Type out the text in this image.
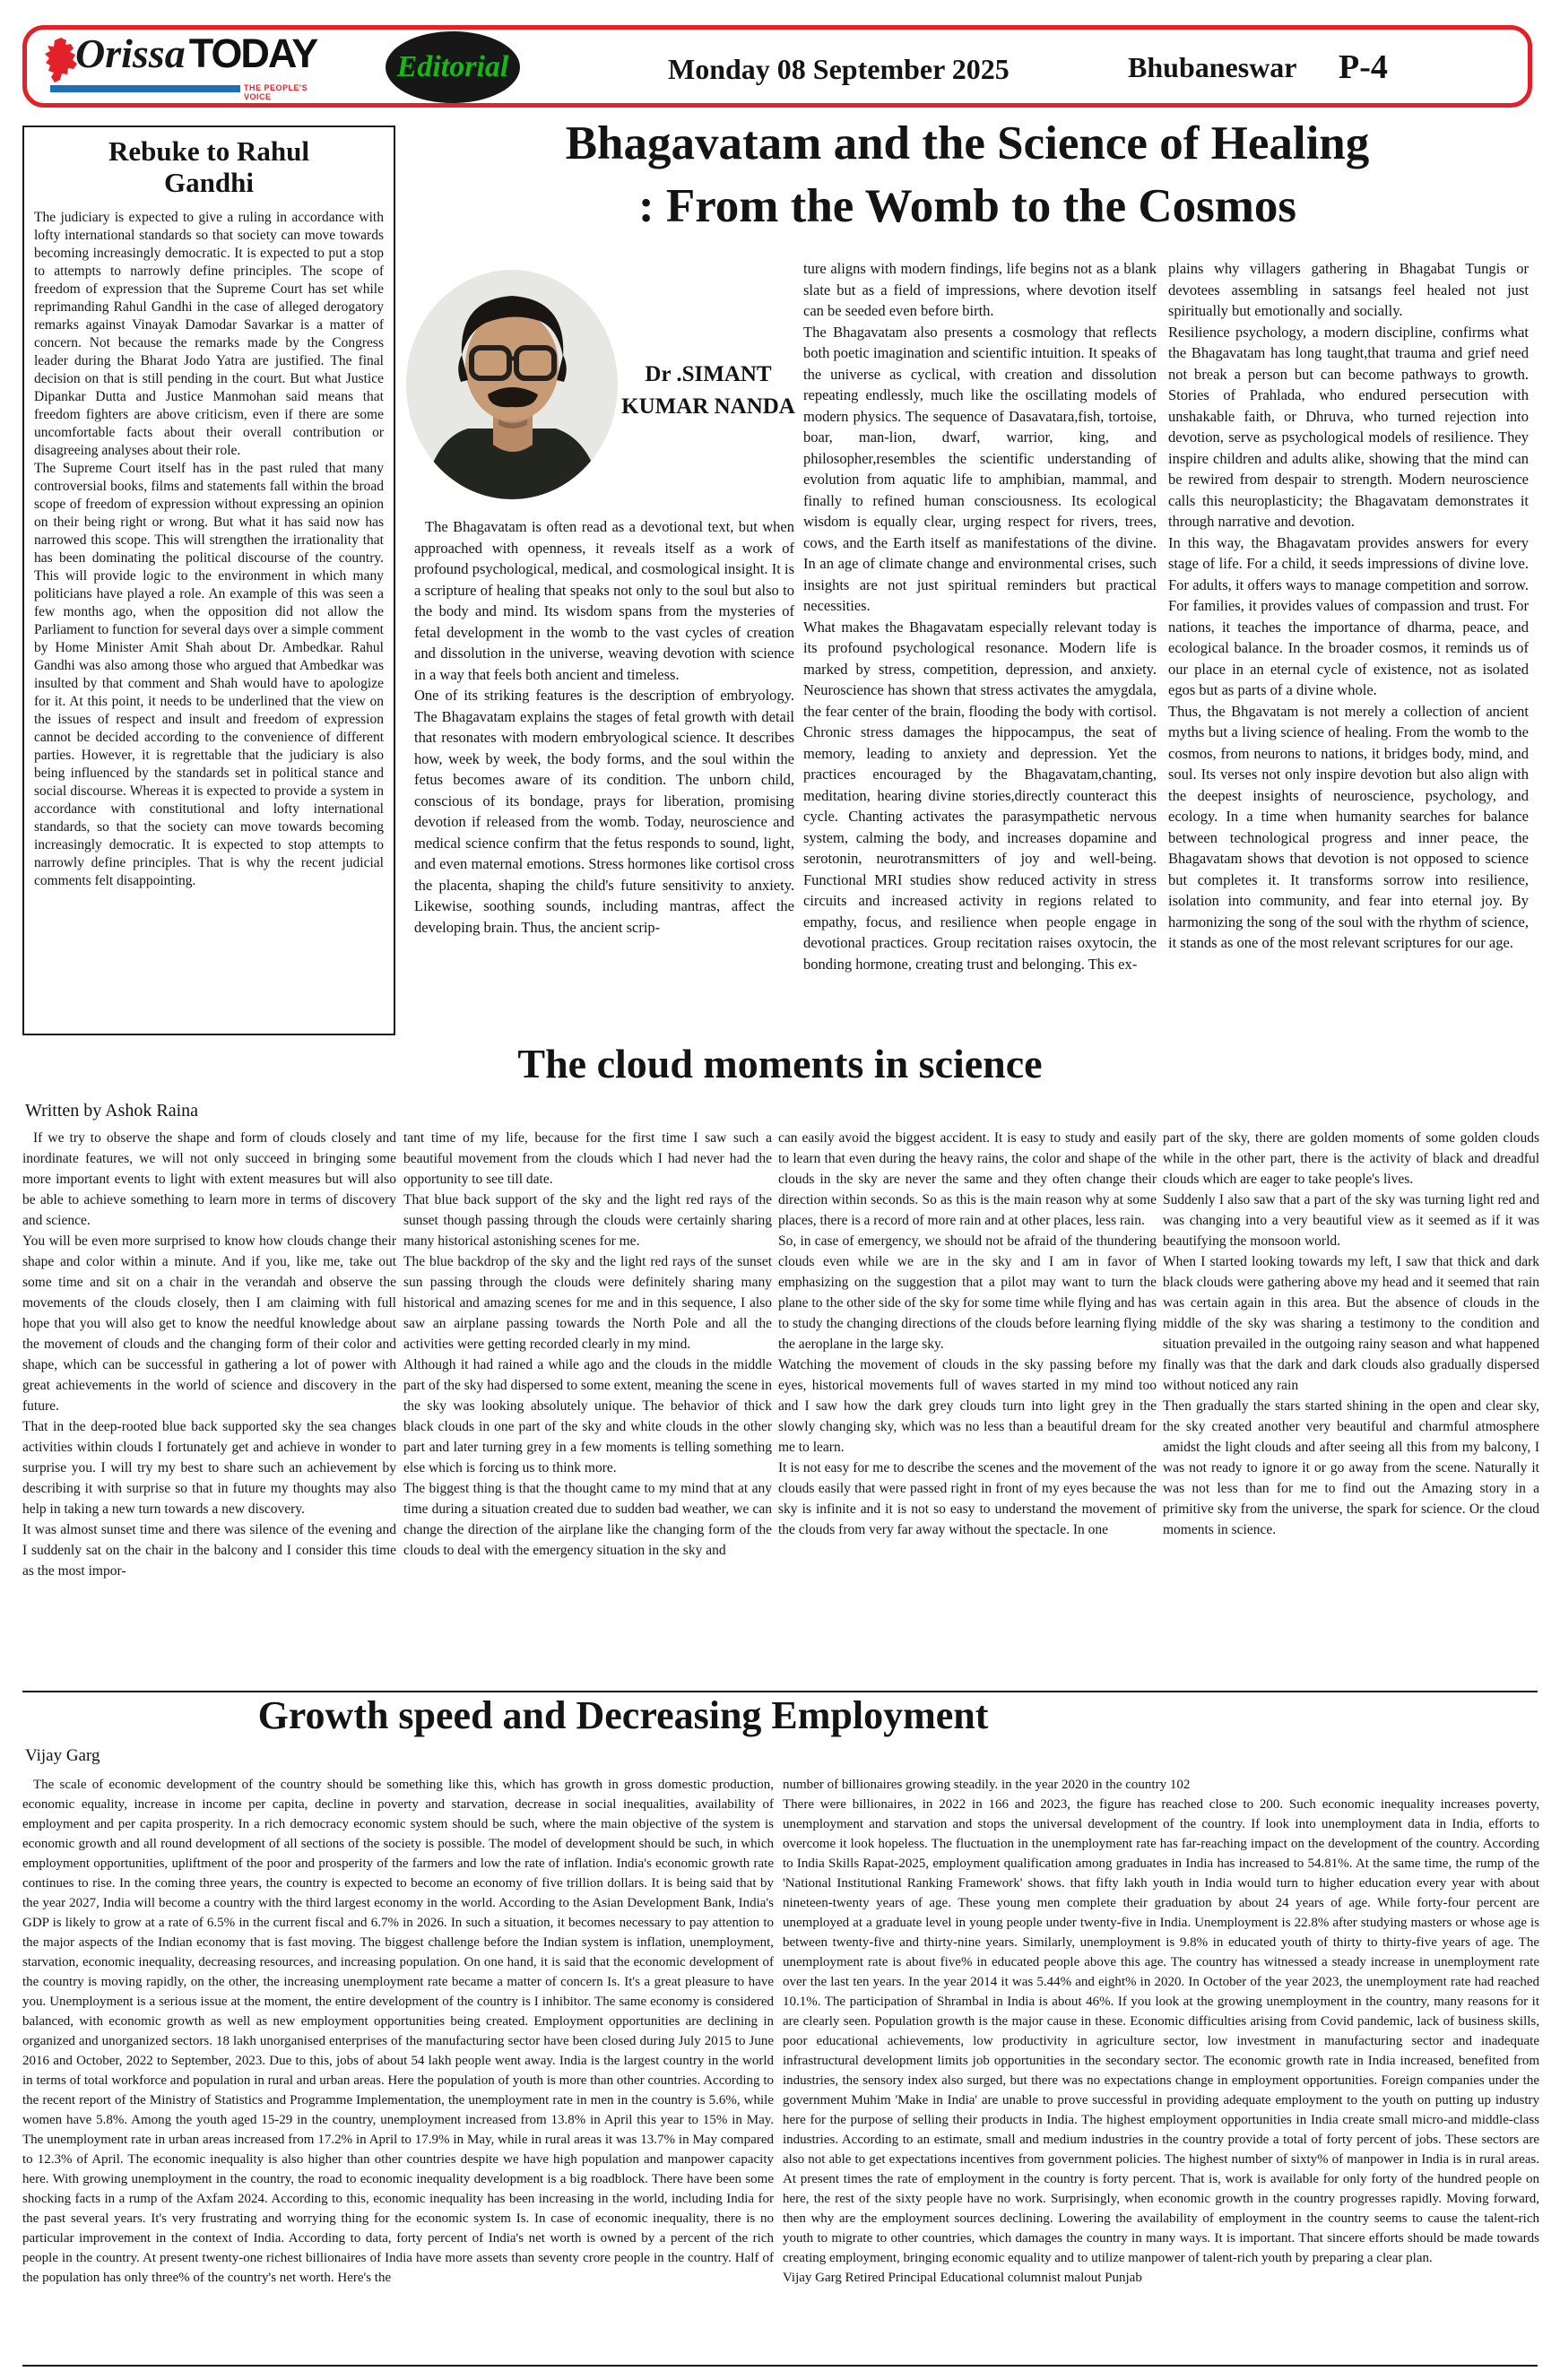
Orissa TODAY
THE PEOPLE'S VOICE
Editorial	Monday 08 September 2025	Bhubaneswar P-4
Rebuke to Rahul Gandhi

The judiciary is expected to give a ruling in accordance with lofty international standards so that society can move towards becoming increasingly democratic. It is expected to put a stop to attempts to narrowly define principles. The scope of freedom of expression that the Supreme Court has set while reprimanding Rahul Gandhi in the case of alleged derogatory remarks against Vinayak Damodar Savarkar is a matter of concern. Not because the remarks made by the Congress leader during the Bharat Jodo Yatra are justified. The final decision on that is still pending in the court. But what Justice Dipankar Dutta and Justice Manmohan said means that freedom fighters are above criticism, even if there are some uncomfortable facts about their overall contribution or disagreeing analyses about their role.

The Supreme Court itself has in the past ruled that many controversial books, films and statements fall within the broad scope of freedom of expression without expressing an opinion on their being right or wrong. But what it has said now has narrowed this scope. This will strengthen the irrationality that has been dominating the political discourse of the country. This will provide logic to the environment in which many politicians have played a role. An example of this was seen a few months ago, when the opposition did not allow the Parliament to function for several days over a simple comment by Home Minister Amit Shah about Dr. Ambedkar. Rahul Gandhi was also among those who argued that Ambedkar was insulted by that comment and Shah would have to apologize for it. At this point, it needs to be underlined that the view on the issues of respect and insult and freedom of expression cannot be decided according to the convenience of different parties. However, it is regrettable that the judiciary is also being influenced by the standards set in political stance and social discourse. Whereas it is expected to provide a system in accordance with constitutional and lofty international standards, so that the society can move towards becoming increasingly democratic. It is expected to stop attempts to narrowly define principles. That is why the recent judicial comments felt disappointing.

Bhagavatam and the Science of Healing
: From the Womb to the Cosmos
Dr .SIMANT
KUMAR NANDA

The Bhagavatam is often read as a devotional text, but when approached with openness, it reveals itself as a work of profound psychological, medical, and cosmological insight. It is a scripture of healing that speaks not only to the soul but also to the body and mind. Its wisdom spans from the mysteries of fetal development in the womb to the vast cycles of creation and dissolution in the universe, weaving devotion with science in a way that feels both ancient and timeless.

One of its striking features is the description of embryology. The Bhagavatam explains the stages of fetal growth with detail that resonates with modern embryological science. It describes how, week by week, the body forms, and the soul within the fetus becomes aware of its condition. The unborn child, conscious of its bondage, prays for liberation, promising devotion if released from the womb. Today, neuroscience and medical science confirm that the fetus responds to sound, light, and even maternal emotions. Stress hormones like cortisol cross the placenta, shaping the child's future sensitivity to anxiety. Likewise, soothing sounds, including mantras, affect the developing brain. Thus, the ancient scrip-

ture aligns with modern findings, life begins not as a blank slate but as a field of impressions, where devotion itself can be seeded even before birth.

The Bhagavatam also presents a cosmology that reflects both poetic imagination and scientific intuition. It speaks of the universe as cyclical, with creation and dissolution repeating endlessly, much like the oscillating models of modern physics. The sequence of Dasavatara,fish, tortoise, boar, man-lion, dwarf, warrior, king, and philosopher,resembles the scientific understanding of evolution from aquatic life to amphibian, mammal, and finally to refined human consciousness. Its ecological wisdom is equally clear, urging respect for rivers, trees, cows, and the Earth itself as manifestations of the divine. In an age of climate change and environmental crises, such insights are not just spiritual reminders but practical necessities.

What makes the Bhagavatam especially relevant today is its profound psychological resonance. Modern life is marked by stress, competition, depression, and anxiety. Neuroscience has shown that stress activates the amygdala, the fear center of the brain, flooding the body with cortisol. Chronic stress damages the hippocampus, the seat of memory, leading to anxiety and depression. Yet the practices encouraged by the Bhagavatam,chanting, meditation, hearing divine stories,directly counteract this cycle. Chanting activates the parasympathetic nervous system, calming the body, and increases dopamine and serotonin, neurotransmitters of joy and well-being. Functional MRI studies show reduced activity in stress circuits and increased activity in regions related to empathy, focus, and resilience when people engage in devotional practices. Group recitation raises oxytocin, the bonding hormone, creating trust and belonging. This ex-

plains why villagers gathering in Bhagabat Tungis or devotees assembling in satsangs feel healed not just spiritually but emotionally and socially.

Resilience psychology, a modern discipline, confirms what the Bhagavatam has long taught,that trauma and grief need not break a person but can become pathways to growth. Stories of Prahlada, who endured persecution with unshakable faith, or Dhruva, who turned rejection into devotion, serve as psychological models of resilience. They inspire children and adults alike, showing that the mind can be rewired from despair to strength. Modern neuroscience calls this neuroplasticity; the Bhagavatam demonstrates it through narrative and devotion.

In this way, the Bhagavatam provides answers for every stage of life. For a child, it seeds impressions of divine love. For adults, it offers ways to manage competition and sorrow. For families, it provides values of compassion and trust. For nations, it teaches the importance of dharma, peace, and ecological balance. In the broader cosmos, it reminds us of our place in an eternal cycle of existence, not as isolated egos but as parts of a divine whole.

Thus, the Bhgavatam is not merely a collection of ancient myths but a living science of healing. From the womb to the cosmos, from neurons to nations, it bridges body, mind, and soul. Its verses not only inspire devotion but also align with the deepest insights of neuroscience, psychology, and ecology. In a time when humanity searches for balance between technological progress and inner peace, the Bhagavatam shows that devotion is not opposed to science but completes it. It transforms sorrow into resilience, isolation into community, and fear into eternal joy. By harmonizing the song of the soul with the rhythm of science, it stands as one of the most relevant scriptures for our age.

The cloud moments in science
Written by Ashok Raina

If we try to observe the shape and form of clouds closely and inordinate features, we will not only succeed in bringing some more important events to light with extent measures but will also be able to achieve something to learn more in terms of discovery and science.

You will be even more surprised to know how clouds change their shape and color within a minute. And if you, like me, take out some time and sit on a chair in the verandah and observe the movements of the clouds closely, then I am claiming with full hope that you will also get to know the needful knowledge about the movement of clouds and the changing form of their color and shape, which can be successful in gathering a lot of power with great achievements in the world of science and discovery in the future.

That in the deep-rooted blue back supported sky the sea changes activities within clouds I fortunately get and achieve in wonder to surprise you. I will try my best to share such an achievement by describing it with surprise so that in future my thoughts may also help in taking a new turn towards a new discovery.

It was almost sunset time and there was silence of the evening and I suddenly sat on the chair in the balcony and I consider this time as the most impor-

tant time of my life, because for the first time I saw such a beautiful movement from the clouds which I had never had the opportunity to see till date.

That blue back support of the sky and the light red rays of the sunset though passing through the clouds were certainly sharing many historical astonishing scenes for me.

The blue backdrop of the sky and the light red rays of the sunset sun passing through the clouds were definitely sharing many historical and amazing scenes for me and in this sequence, I also saw an airplane passing towards the North Pole and all the activities were getting recorded clearly in my mind.

Although it had rained a while ago and the clouds in the middle part of the sky had dispersed to some extent, meaning the scene in the sky was looking absolutely unique. The behavior of thick black clouds in one part of the sky and white clouds in the other part and later turning grey in a few moments is telling something else which is forcing us to think more.

The biggest thing is that the thought came to my mind that at any time during a situation created due to sudden bad weather, we can change the direction of the airplane like the changing form of the clouds to deal with the emergency situation in the sky and

can easily avoid the biggest accident. It is easy to study and easily to learn that even during the heavy rains, the color and shape of the clouds in the sky are never the same and they often change their direction within seconds. So as this is the main reason why at some places, there is a record of more rain and at other places, less rain.

So, in case of emergency, we should not be afraid of the thundering clouds even while we are in the sky and I am in favor of emphasizing on the suggestion that a pilot may want to turn the plane to the other side of the sky for some time while flying and has to study the changing directions of the clouds before learning flying the aeroplane in the large sky.

Watching the movement of clouds in the sky passing before my eyes, historical movements full of waves started in my mind too and I saw how the dark grey clouds turn into light grey in the slowly changing sky, which was no less than a beautiful dream for me to learn.

It is not easy for me to describe the scenes and the movement of the clouds easily that were passed right in front of my eyes because the sky is infinite and it is not so easy to understand the movement of the clouds from very far away without the spectacle. In one

part of the sky, there are golden moments of some golden clouds while in the other part, there is the activity of black and dreadful clouds which are eager to take people's lives.

Suddenly I also saw that a part of the sky was turning light red and was changing into a very beautiful view as it seemed as if it was beautifying the monsoon world.

When I started looking towards my left, I saw that thick and dark black clouds were gathering above my head and it seemed that rain was certain again in this area. But the absence of clouds in the middle of the sky was sharing a testimony to the condition and situation prevailed in the outgoing rainy season and what happened finally was that the dark and dark clouds also gradually dispersed without noticed any rain

Then gradually the stars started shining in the open and clear sky, the sky created another very beautiful and charmful atmosphere amidst the light clouds and after seeing all this from my balcony, I was not ready to ignore it or go away from the scene. Naturally it was not less than for me to find out the Amazing story in a primitive sky from the universe, the spark for science. Or the cloud moments in science.

Growth speed and Decreasing Employment
Vijay Garg

The scale of economic development of the country should be something like this, which has growth in gross domestic production, economic equality, increase in income per capita, decline in poverty and starvation, decrease in social inequalities, availability of employment and per capita prosperity. In a rich democracy economic system should be such, where the main objective of the system is economic growth and all round development of all sections of the society is possible. The model of development should be such, in which employment opportunities, upliftment of the poor and prosperity of the farmers and low the rate of inflation. India's economic growth rate continues to rise. In the coming three years, the country is expected to become an economy of five trillion dollars. It is being said that by the year 2027, India will become a country with the third largest economy in the world. According to the Asian Development Bank, India's GDP is likely to grow at a rate of 6.5% in the current fiscal and 6.7% in 2026. In such a situation, it becomes necessary to pay attention to the major aspects of the Indian economy that is fast moving. The biggest challenge before the Indian system is inflation, unemployment, starvation, economic inequality, decreasing resources, and increasing population. On one hand, it is said that the economic development of the country is moving rapidly, on the other, the increasing unemployment rate became a matter of concern Is. It's a great pleasure to have you. Unemployment is a serious issue at the moment, the entire development of the country is I inhibitor. The same economy is considered balanced, with economic growth as well as new employment opportunities being created. Employment opportunities are declining in organized and unorganized sectors. 18 lakh unorganised enterprises of the manufacturing sector have been closed during July 2015 to June 2016 and October, 2022 to September, 2023. Due to this, jobs of about 54 lakh people went away. India is the largest country in the world in terms of total workforce and population in rural and urban areas. Here the population of youth is more than other countries. According to the recent report of the Ministry of Statistics and Programme Implementation, the unemployment rate in men in the country is 5.6%, while women have 5.8%. Among the youth aged 15-29 in the country, unemployment increased from 13.8% in April this year to 15% in May. The unemployment rate in urban areas increased from 17.2% in April to 17.9% in May, while in rural areas it was 13.7% in May compared to 12.3% of April. The economic inequality is also higher than other countries despite we have high population and manpower capacity here. With growing unemployment in the country, the road to economic inequality development is a big roadblock. There have been some shocking facts in a rump of the Axfam 2024. According to this, economic inequality has been increasing in the world, including India for the past several years. It's very frustrating and worrying thing for the economic system Is. In case of economic inequality, there is no particular improvement in the context of India. According to data, forty percent of India's net worth is owned by a percent of the rich people in the country. At present twenty-one richest billionaires of India have more assets than seventy crore people in the country. Half of the population has only three% of the country's net worth. Here's the

number of billionaires growing steadily. in the year 2020 in the country 102

There were billionaires, in 2022 in 166 and 2023, the figure has reached close to 200. Such economic inequality increases poverty, unemployment and starvation and stops the universal development of the country. If look into unemployment data in India, efforts to overcome it look hopeless. The fluctuation in the unemployment rate has far-reaching impact on the development of the country. According to India Skills Rapat-2025, employment qualification among graduates in India has increased to 54.81%. At the same time, the rump of the 'National Institutional Ranking Framework' shows. that fifty lakh youth in India would turn to higher education every year with about nineteen-twenty years of age. These young men complete their graduation by about 24 years of age. While forty-four percent are unemployed at a graduate level in young people under twenty-five in India. Unemployment is 22.8% after studying masters or whose age is between twenty-five and thirty-nine years. Similarly, unemployment is 9.8% in educated youth of thirty to thirty-five years of age. The unemployment rate is about five% in educated people above this age. The country has witnessed a steady increase in unemployment rate over the last ten years. In the year 2014 it was 5.44% and eight% in 2020. In October of the year 2023, the unemployment rate had reached 10.1%. The participation of Shrambal in India is about 46%. If you look at the growing unemployment in the country, many reasons for it are clearly seen. Population growth is the major cause in these. Economic difficulties arising from Covid pandemic, lack of business skills, poor educational achievements, low productivity in agriculture sector, low investment in manufacturing sector and inadequate infrastructural development limits job opportunities in the secondary sector. The economic growth rate in India increased, benefited from industries, the sensory index also surged, but there was no expectations change in employment opportunities. Foreign companies under the government Muhim 'Make in India' are unable to prove successful in providing adequate employment to the youth on putting up industry here for the purpose of selling their products in India. The highest employment opportunities in India create small micro-and middle-class industries. According to an estimate, small and medium industries in the country provide a total of forty percent of jobs. These sectors are also not able to get expectations incentives from government policies. The highest number of sixty% of manpower in India is in rural areas. At present times the rate of employment in the country is forty percent. That is, work is available for only forty of the hundred people on here, the rest of the sixty people have no work. Surprisingly, when economic growth in the country progresses rapidly. Moving forward, then why are the employment sources declining. Lowering the availability of employment in the country seems to cause the talent-rich youth to migrate to other countries, which damages the country in many ways. It is important. That sincere efforts should be made towards creating employment, bringing economic equality and to utilize manpower of talent-rich youth by preparing a clear plan.

Vijay Garg Retired Principal Educational columnist malout Punjab
